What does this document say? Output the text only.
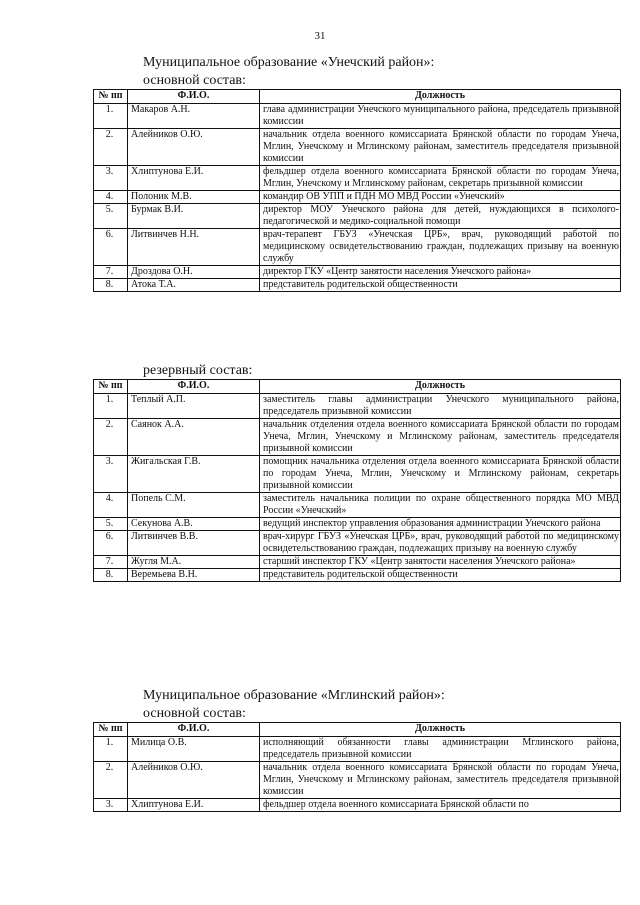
31
Муниципальное образование «Унечский район»:
основной состав:
№ пп	Ф.И.О.	Должность
1.	Макаров А.Н.	глава администрации Унечского муниципального района, председатель призывной комиссии
2.	Алейников О.Ю.	начальник отдела военного комиссариата Брянской области по городам Унеча, Мглин, Унечскому и Мглинскому районам, заместитель председателя призывной комиссии
3.	Хлиптунова Е.И.	фельдшер отдела военного комиссариата Брянской области по городам Унеча, Мглин, Унечскому и Мглинскому районам, секретарь призывной комиссии
4.	Полоник М.В.	командир ОВ УПП и ПДН МО МВД России «Унечский»
5.	Бурмак В.И.	директор МОУ Унечского района для детей, нуждающихся в психолого-педагогической и медико-социальной помощи
6.	Литвинчев Н.Н.	врач-терапевт ГБУЗ «Унечская ЦРБ», врач, руководящий работой по медицинскому освидетельствованию граждан, подлежащих призыву на военную службу
7.	Дроздова О.Н.	директор ГКУ «Центр занятости населения Унечского района»
8.	Атока Т.А.	представитель родительской общественности
резервный состав:
№ пп	Ф.И.О.	Должность
1.	Теплый А.П.	заместитель главы администрации Унечского муниципального района, председатель призывной комиссии
2.	Саянок А.А.	начальник отделения отдела военного комиссариата Брянской области по городам Унеча, Мглин, Унечскому и Мглинскому районам, заместитель председателя призывной комиссии
3.	Жигальская Г.В.	помощник начальника отделения отдела военного комиссариата Брянской области по городам Унеча, Мглин, Унечскому и Мглинскому районам, секретарь призывной комиссии
4.	Попель С.М.	заместитель начальника полиции по охране общественного порядка МО МВД России «Унечский»
5.	Секунова А.В.	ведущий инспектор управления образования администрации Унечского района
6.	Литвинчев В.В.	врач-хирург ГБУЗ «Унечская ЦРБ», врач, руководящий работой по медицинскому освидетельствованию граждан, подлежащих призыву на военную службу
7.	Жугля М.А.	старший инспектор ГКУ «Центр занятости населения Унечского района»
8.	Веремьева В.Н.	представитель родительской общественности
Муниципальное образование «Мглинский район»:
основной состав:
№ пп	Ф.И.О.	Должность
1.	Милица О.В.	исполняющий обязанности главы администрации Мглинского района, председатель призывной комиссии
2.	Алейников О.Ю.	начальник отдела военного комиссариата Брянской области по городам Унеча, Мглин, Унечскому и Мглинскому районам, заместитель председателя призывной комиссии
3.	Хлиптунова Е.И.	фельдшер отдела военного комиссариата Брянской области по
